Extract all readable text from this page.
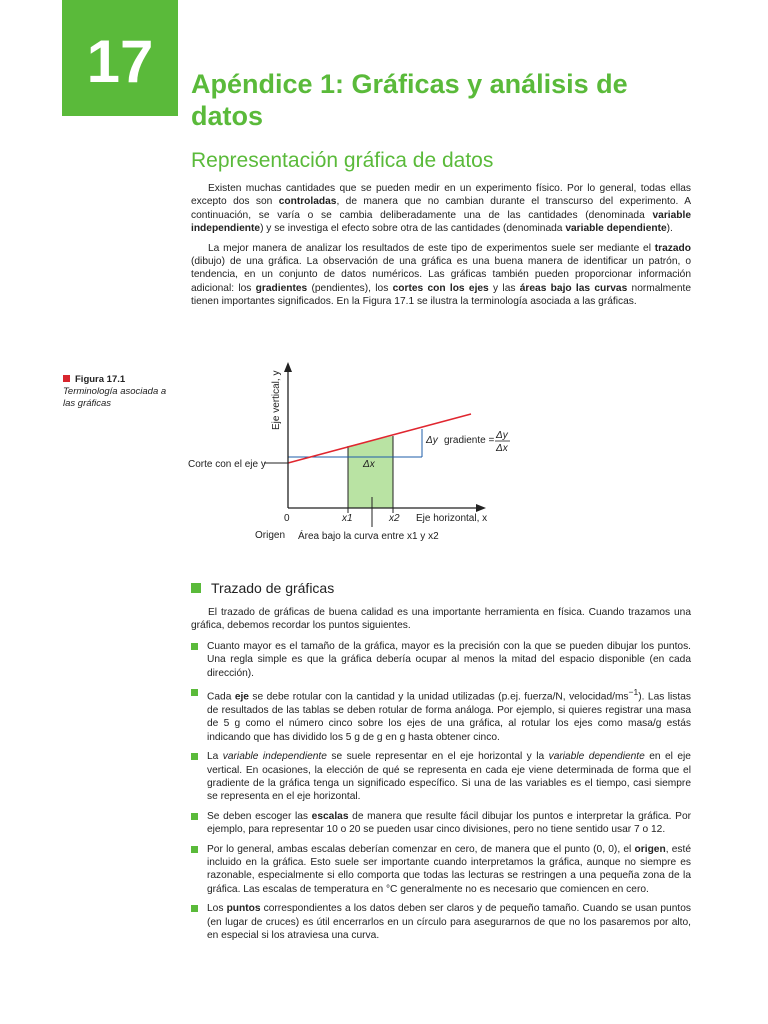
17	Apéndice 1: Gráficas y análisis de datos
Representación gráfica de datos

Existen muchas cantidades que se pueden medir en un experimento físico. Por lo general, todas ellas excepto dos son controladas, de manera que no cambian durante el transcurso del experimento. A continuación, se varía o se cambia deliberadamente una de las cantidades (denominada variable independiente) y se investiga el efecto sobre otra de las cantidades (denominada variable dependiente).

La mejor manera de analizar los resultados de este tipo de experimentos suele ser mediante el trazado (dibujo) de una gráfica. La observación de una gráfica es una buena manera de identificar un patrón, o tendencia, en un conjunto de datos numéricos. Las gráficas también pueden proporcionar información adicional: los gradientes (pendientes), los cortes con los ejes y las áreas bajo las curvas normalmente tienen importantes significados. En la Figura 17.1 se ilustra la terminología asociada a las gráficas.

Figura 17.1
Terminología asociada a las gráficas	Eje vertical, y
Corte con el eje y
0
Origen
x1	x2 Eje horizontal, x
Δx
Δy gradiente = Δy
Δx
Área bajo la curva entre x1 y x2
Trazado de gráficas

El trazado de gráficas de buena calidad es una importante herramienta en física. Cuando trazamos una gráfica, debemos recordar los puntos siguientes.

Cuanto mayor es el tamaño de la gráfica, mayor es la precisión con la que se pueden dibujar los puntos. Una regla simple es que la gráfica debería ocupar al menos la mitad del espacio disponible (en cada dirección).
Cada eje se debe rotular con la cantidad y la unidad utilizadas (p.ej. fuerza/N, velocidad/$ms^{-1}$). Las listas de resultados de las tablas se deben rotular de forma análoga. Por ejemplo, si quieres registrar una masa de 5 g como el número cinco sobre los ejes de una gráfica, al rotular los ejes como masa/g estás indicando que has dividido los 5 g de g en g hasta obtener cinco.
La variable independiente se suele representar en el eje horizontal y la variable dependiente en el eje vertical. En ocasiones, la elección de qué se representa en cada eje viene determinada de forma que el gradiente de la gráfica tenga un significado específico. Si una de las variables es el tiempo, casi siempre se representa en el eje horizontal.
Se deben escoger las escalas de manera que resulte fácil dibujar los puntos e interpretar la gráfica. Por ejemplo, para representar 10 o 20 se pueden usar cinco divisiones, pero no tiene sentido usar 7 o 12.
Por lo general, ambas escalas deberían comenzar en cero, de manera que el punto (0, 0), el origen, esté incluido en la gráfica. Esto suele ser importante cuando interpretamos la gráfica, aunque no siempre es razonable, especialmente si ello comporta que todas las lecturas se restringen a una pequeña zona de la gráfica. Las escalas de temperatura en °C generalmente no es necesario que comiencen en cero.
Los puntos correspondientes a los datos deben ser claros y de pequeño tamaño. Cuando se usan puntos (en lugar de cruces) es útil encerrarlos en un círculo para asegurarnos de que no los pasaremos por alto, en especial si los atraviesa una curva.
